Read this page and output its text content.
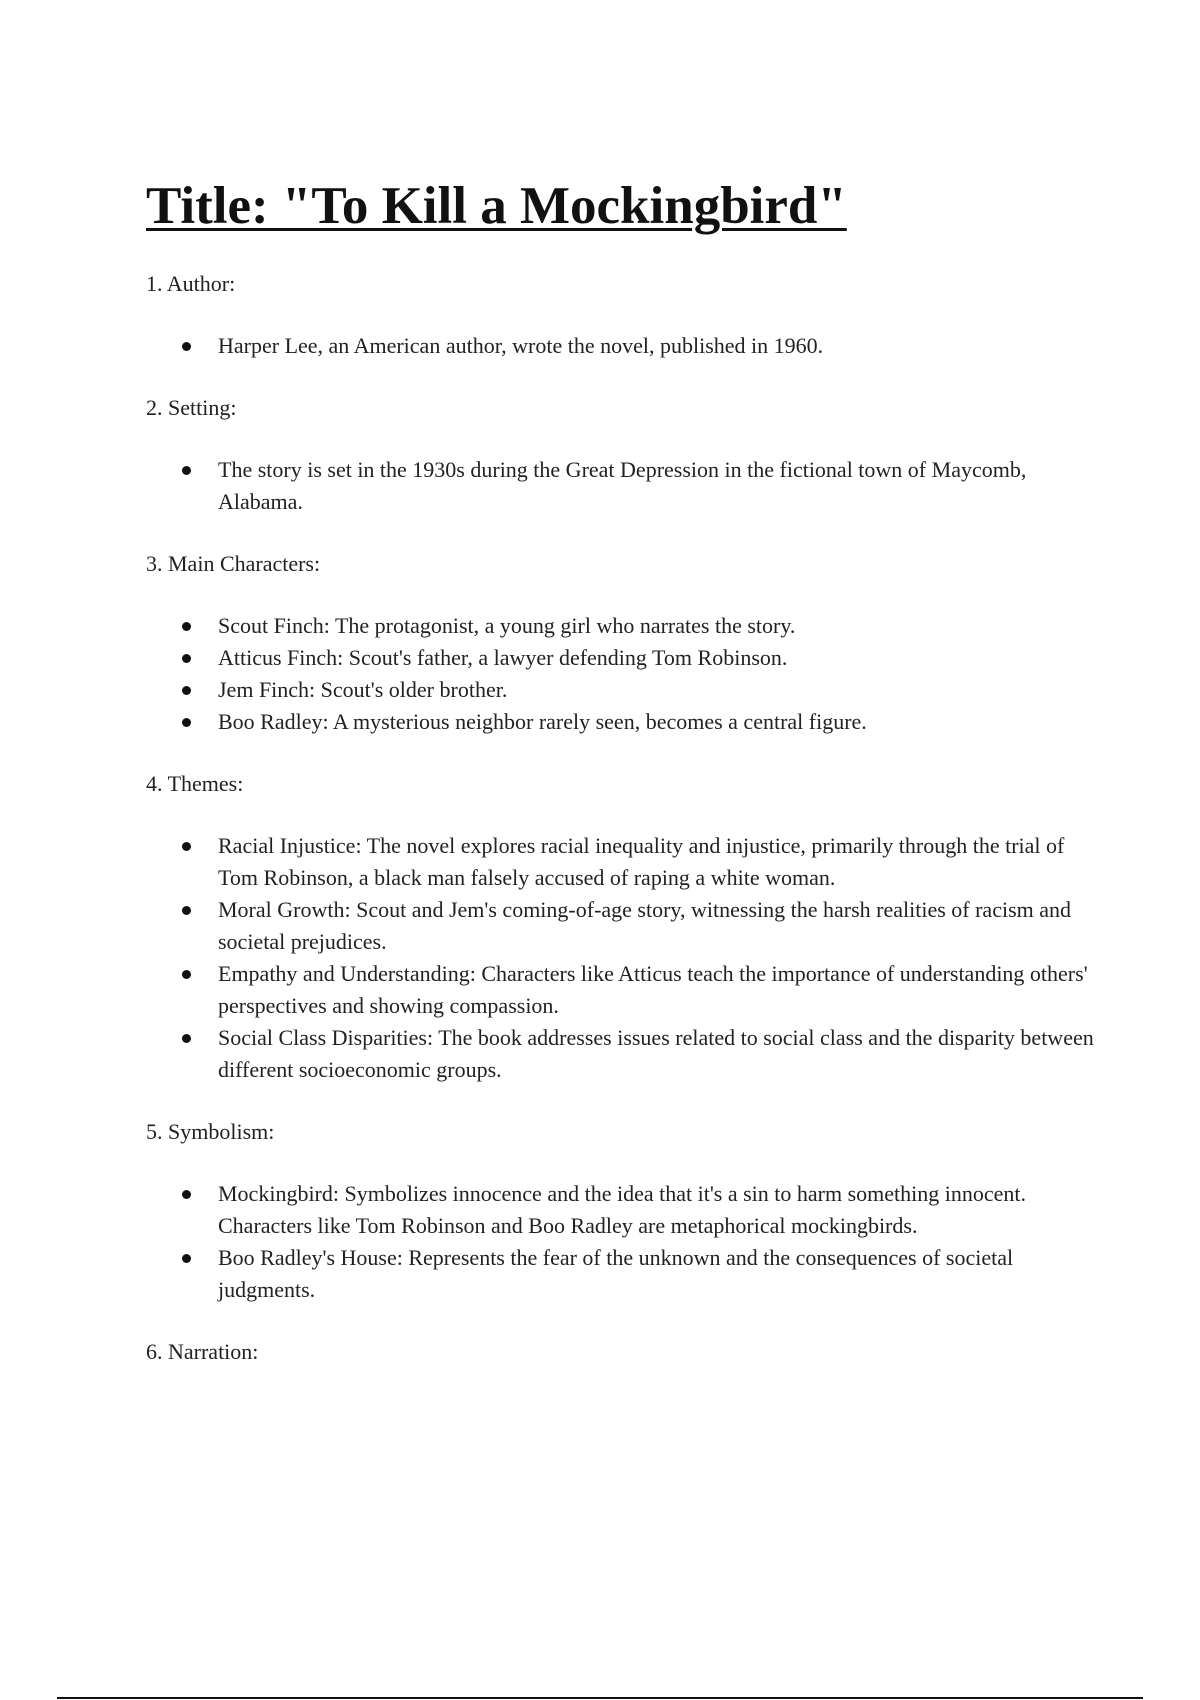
Title: "To Kill a Mockingbird"
1. Author:
Harper Lee, an American author, wrote the novel, published in 1960.
2. Setting:
The story is set in the 1930s during the Great Depression in the fictional town of Maycomb, Alabama.
3. Main Characters:
Scout Finch: The protagonist, a young girl who narrates the story.
Atticus Finch: Scout's father, a lawyer defending Tom Robinson.
Jem Finch: Scout's older brother.
Boo Radley: A mysterious neighbor rarely seen, becomes a central figure.
4. Themes:
Racial Injustice: The novel explores racial inequality and injustice, primarily through the trial of Tom Robinson, a black man falsely accused of raping a white woman.
Moral Growth: Scout and Jem's coming-of-age story, witnessing the harsh realities of racism and societal prejudices.
Empathy and Understanding: Characters like Atticus teach the importance of understanding others' perspectives and showing compassion.
Social Class Disparities: The book addresses issues related to social class and the disparity between different socioeconomic groups.
5. Symbolism:
Mockingbird: Symbolizes innocence and the idea that it's a sin to harm something innocent. Characters like Tom Robinson and Boo Radley are metaphorical mockingbirds.
Boo Radley's House: Represents the fear of the unknown and the consequences of societal judgments.
6. Narration:
